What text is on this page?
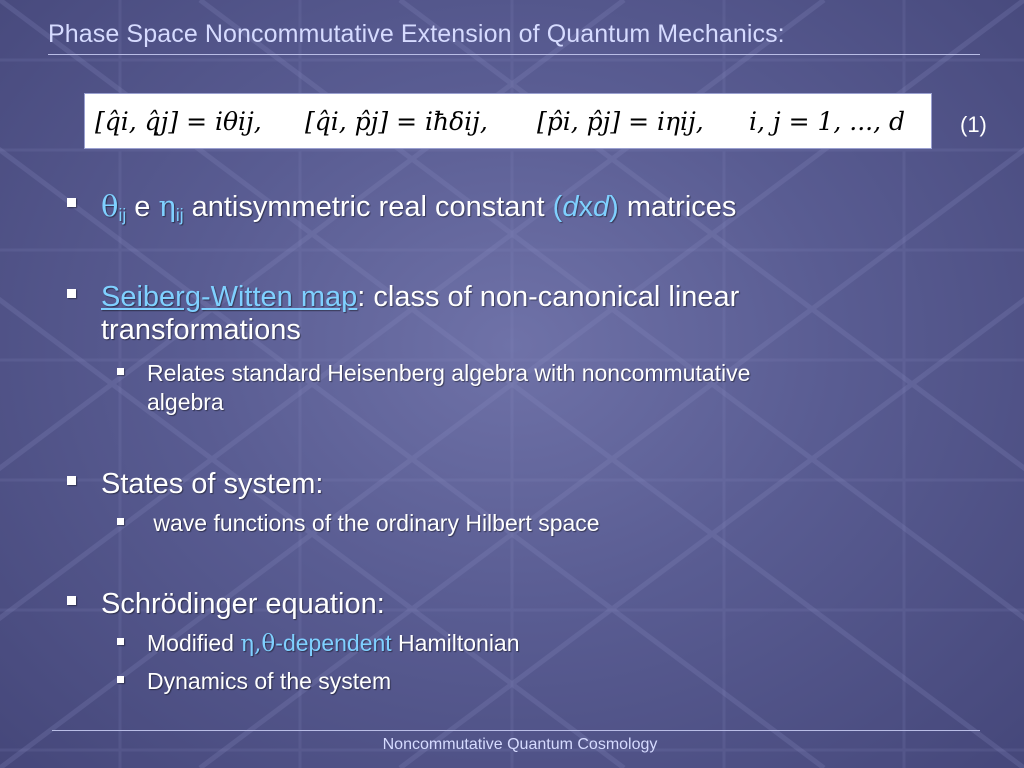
Phase Space Noncommutative Extension of Quantum Mechanics:
[q̂i, q̂j] = iθij, [q̂i, p̂j] = iħδij, [p̂i, p̂j] = iηij, i, j = 1, ..., d (1)
$\theta_{ij}$ e $\eta_{ij}$ antisymmetric real constant (dxd) matrices
Seiberg-Witten map: class of non-canonical linear
transformations
Relates standard Heisenberg algebra with noncommutative
algebra
States of system:
wave functions of the ordinary Hilbert space
Schrödinger equation:
Modified η,θ-dependent Hamiltonian
Dynamics of the system
Noncommutative Quantum Cosmology
